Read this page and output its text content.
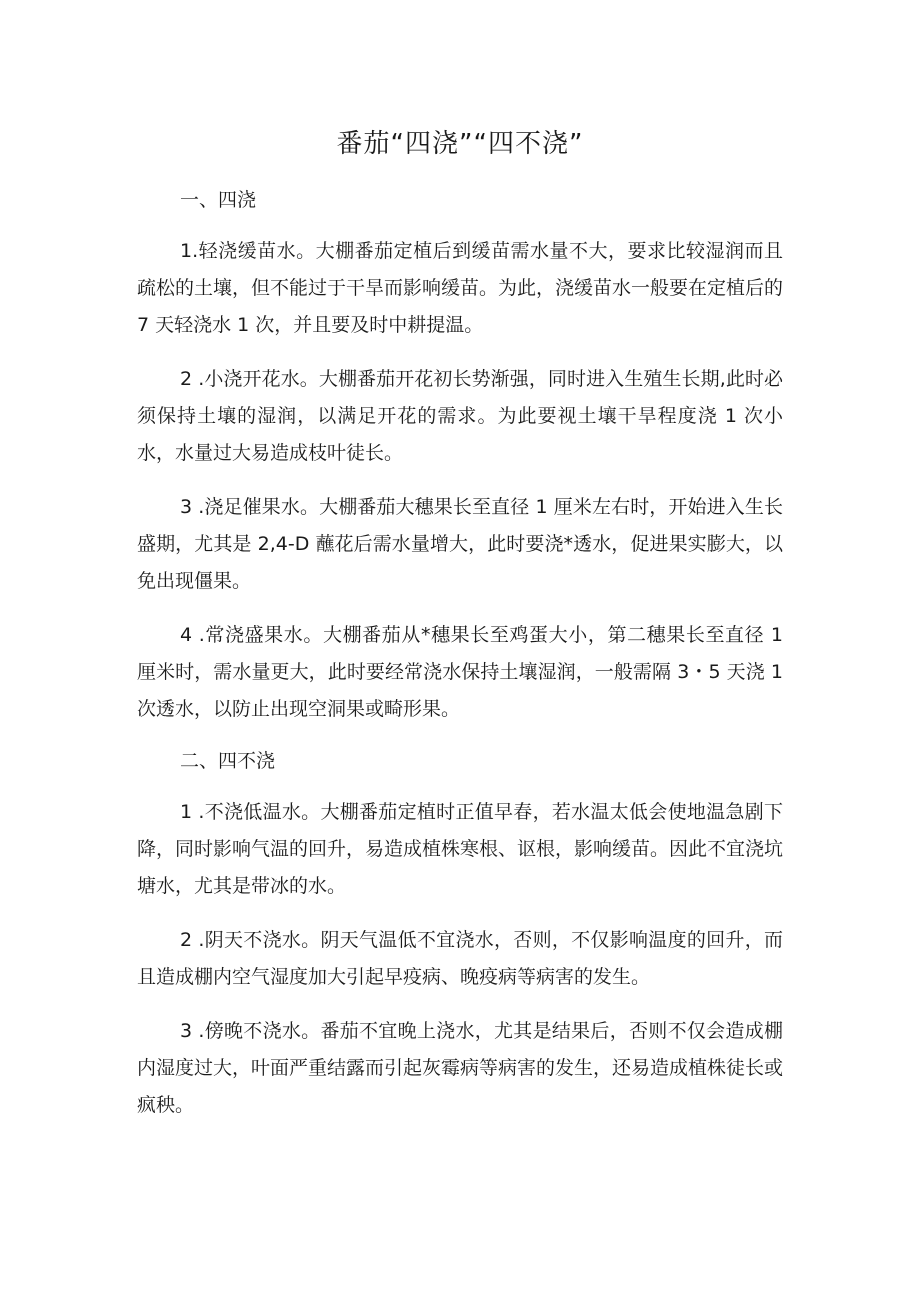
番茄“四浇”“四不浇”
一、四浇

1.轻浇缓苗水。大棚番茄定植后到缓苗需水量不大，要求比较湿润而且疏松的土壤，但不能过于干旱而影响缓苗。为此，浇缓苗水一般要在定植后的 7 天轻浇水 1 次，并且要及时中耕提温。

2 .小浇开花水。大棚番茄开花初长势渐强，同时进入生殖生长期,此时必须保持土壤的湿润，以满足开花的需求。为此要视土壤干旱程度浇 1 次小水，水量过大易造成枝叶徒长。

3 .浇足催果水。大棚番茄大穗果长至直径 1 厘米左右时，开始进入生长盛期，尤其是 2,4-D 蘸花后需水量增大，此时要浇*透水，促进果实膨大，以免出现僵果。

4 .常浇盛果水。大棚番茄从*穗果长至鸡蛋大小，第二穗果长至直径 1 厘米时，需水量更大，此时要经常浇水保持土壤湿润，一般需隔 3・5 天浇 1 次透水，以防止出现空洞果或畸形果。

二、四不浇

1 .不浇低温水。大棚番茄定植时正值早春，若水温太低会使地温急剧下降，同时影响气温的回升，易造成植株寒根、讴根，影响缓苗。因此不宜浇坑塘水，尤其是带冰的水。

2 .阴天不浇水。阴天气温低不宜浇水，否则，不仅影响温度的回升，而且造成棚内空气湿度加大引起早疫病、晚疫病等病害的发生。

3 .傍晚不浇水。番茄不宜晚上浇水，尤其是结果后，否则不仅会造成棚内湿度过大，叶面严重结露而引起灰霉病等病害的发生，还易造成植株徒长或疯秧。
